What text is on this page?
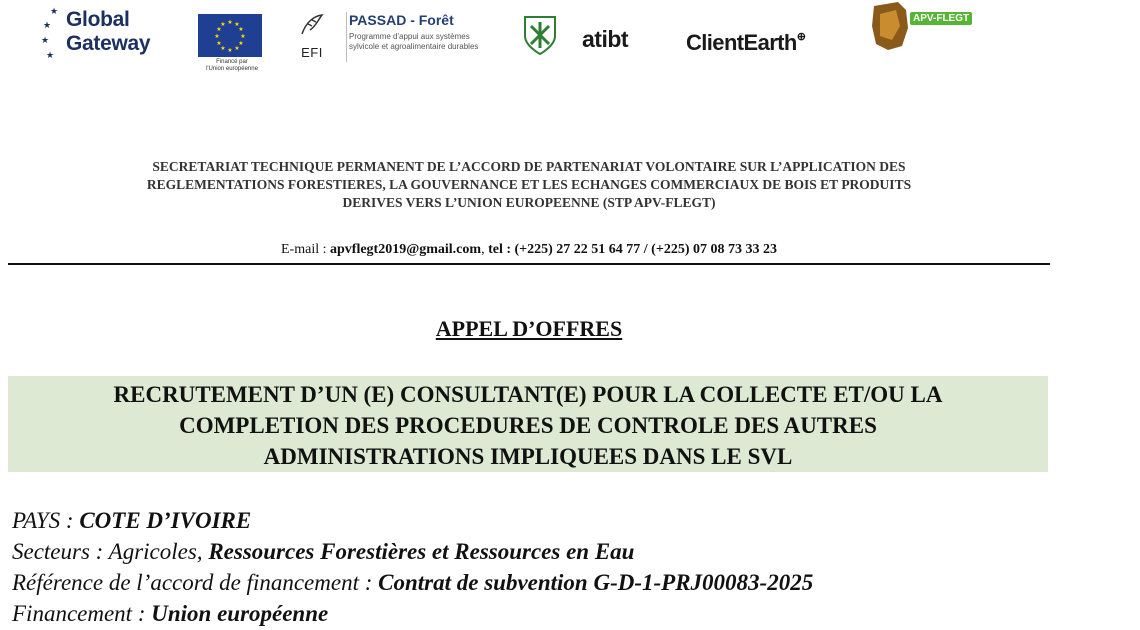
★
★
★
★
Global
Gateway
★ ★
★
★
★
★
★
★
★
★
★
★
Financé par
l'Union européenne
EFI
PASSAD - Forêt
Programme d'appui aux systèmes
sylvicole et agroalimentaire durables	atibt	ClientEarth⊕
APV-FLEGT
SECRETARIAT TECHNIQUE PERMANENT DE L’ACCORD DE PARTENARIAT VOLONTAIRE SUR L’APPLICATION DES
REGLEMENTATIONS FORESTIERES, LA GOUVERNANCE ET LES ECHANGES COMMERCIAUX DE BOIS ET PRODUITS
DERIVES VERS L’UNION EUROPEENNE (STP APV-FLEGT)
E-mail : apvflegt2019@gmail.com, tel : (+225) 27 22 51 64 77 / (+225) 07 08 73 33 23
APPEL D’OFFRES
RECRUTEMENT D’UN (E) CONSULTANT(E) POUR LA COLLECTE ET/OU LA
COMPLETION DES PROCEDURES DE CONTROLE DES AUTRES
ADMINISTRATIONS IMPLIQUEES DANS LE SVL
PAYS : COTE D’IVOIRE
Secteurs : Agricoles, Ressources Forestières et Ressources en Eau
Référence de l’accord de financement : Contrat de subvention G-D-1-PRJ00083-2025
Financement : Union européenne
